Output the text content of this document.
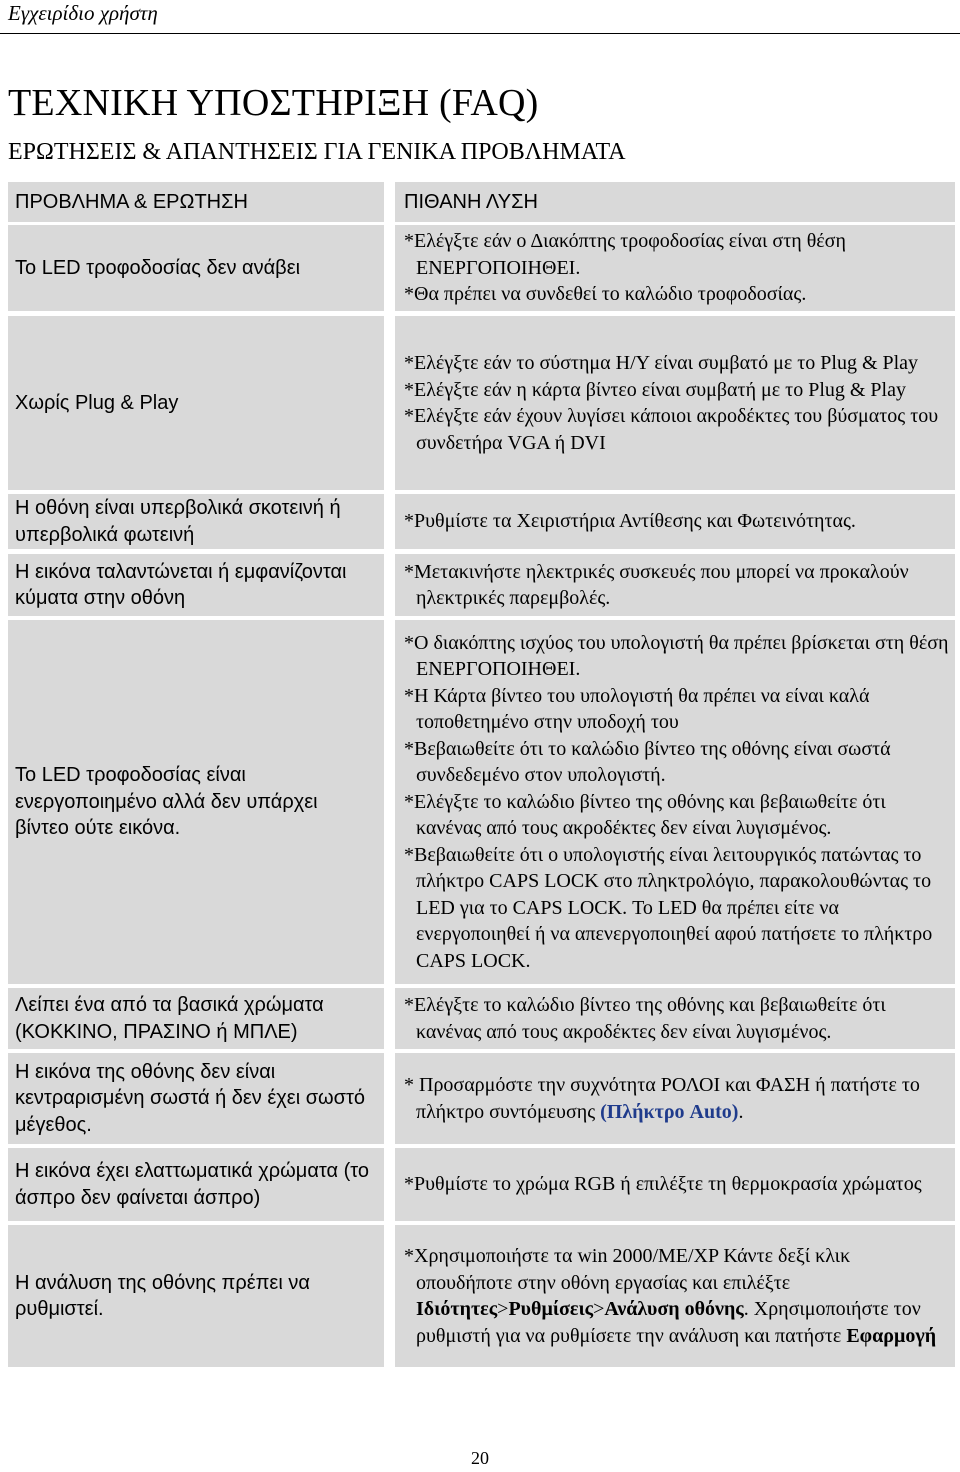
Εγχειρίδιο χρήστη
ΤΕΧΝΙΚΗ ΥΠΟΣΤΗΡΙΞΗ (FAQ)
ΕΡΩΤΗΣΕΙΣ & ΑΠΑΝΤΗΣΕΙΣ ΓΙΑ ΓΕΝΙΚΑ ΠΡΟΒΛΗΜΑΤΑ
ΠΡΟΒΛΗΜΑ & ΕΡΩΤΗΣΗ	ΠΙΘΑΝΗ ΛΥΣΗ
Το LED τροφοδοσίας δεν ανάβει
*Ελέγξτε εάν ο Διακόπτης τροφοδοσίας είναι στη θέση ΕΝΕΡΓΟΠΟΙΗΘΕΙ.
*Θα πρέπει να συνδεθεί το καλώδιο τροφοδοσίας.
Χωρίς Plug & Play
*Ελέγξτε εάν το σύστημα Η/Υ είναι συμβατό με το Plug & Play
*Ελέγξτε εάν η κάρτα βίντεο είναι συμβατή με το Plug & Play
*Ελέγξτε εάν έχουν λυγίσει κάποιοι ακροδέκτες του βύσματος του συνδετήρα VGA ή DVI
Η οθόνη είναι υπερβολικά σκοτεινή ή υπερβολικά φωτεινή
*Ρυθμίστε τα Χειριστήρια Αντίθεσης και Φωτεινότητας.
Η εικόνα ταλαντώνεται ή εμφανίζονται κύματα στην οθόνη
*Μετακινήστε ηλεκτρικές συσκευές που μπορεί να προκαλούν ηλεκτρικές παρεμβολές.
Το LED τροφοδοσίας είναι ενεργοποιημένο αλλά δεν υπάρχει βίντεο ούτε εικόνα.
*Ο διακόπτης ισχύος του υπολογιστή θα πρέπει βρίσκεται στη θέση ΕΝΕΡΓΟΠΟΙΗΘΕΙ.
*Η Κάρτα βίντεο του υπολογιστή θα πρέπει να είναι καλά τοποθετημένο στην υποδοχή του
*Βεβαιωθείτε ότι το καλώδιο βίντεο της οθόνης είναι σωστά συνδεδεμένο στον υπολογιστή.
*Ελέγξτε το καλώδιο βίντεο της οθόνης και βεβαιωθείτε ότι κανένας από τους ακροδέκτες δεν είναι λυγισμένος.
*Βεβαιωθείτε ότι ο υπολογιστής είναι λειτουργικός πατώντας το πλήκτρο CAPS LOCK στο πληκτρολόγιο, παρακολουθώντας το LED για το CAPS LOCK. Το LED θα πρέπει είτε να ενεργοποιηθεί ή να απενεργοποιηθεί αφού πατήσετε το πλήκτρο CAPS LOCK.
Λείπει ένα από τα βασικά χρώματα (ΚΟΚΚΙΝΟ, ΠΡΑΣΙΝΟ ή ΜΠΛΕ)
*Ελέγξτε το καλώδιο βίντεο της οθόνης και βεβαιωθείτε ότι κανένας από τους ακροδέκτες δεν είναι λυγισμένος.
Η εικόνα της οθόνης δεν είναι κεντραρισμένη σωστά ή δεν έχει σωστό μέγεθος.
* Προσαρμόστε την συχνότητα ΡΟΛΟΙ και ΦΑΣΗ ή πατήστε το πλήκτρο συντόμευσης (Πλήκτρο Auto).
Η εικόνα έχει ελαττωματικά χρώματα (το άσπρο δεν φαίνεται άσπρο)
*Ρυθμίστε το χρώμα RGB ή επιλέξτε τη θερμοκρασία χρώματος
Η ανάλυση της οθόνης πρέπει να ρυθμιστεί.
*Χρησιμοποιήστε τα win 2000/ME/XP Κάντε δεξί κλικ οπουδήποτε στην οθόνη εργασίας και επιλέξτε Ιδιότητες>Ρυθμίσεις>Ανάλυση οθόνης. Χρησιμοποιήστε τον ρυθμιστή για να ρυθμίσετε την ανάλυση και πατήστε Εφαρμογή
20
